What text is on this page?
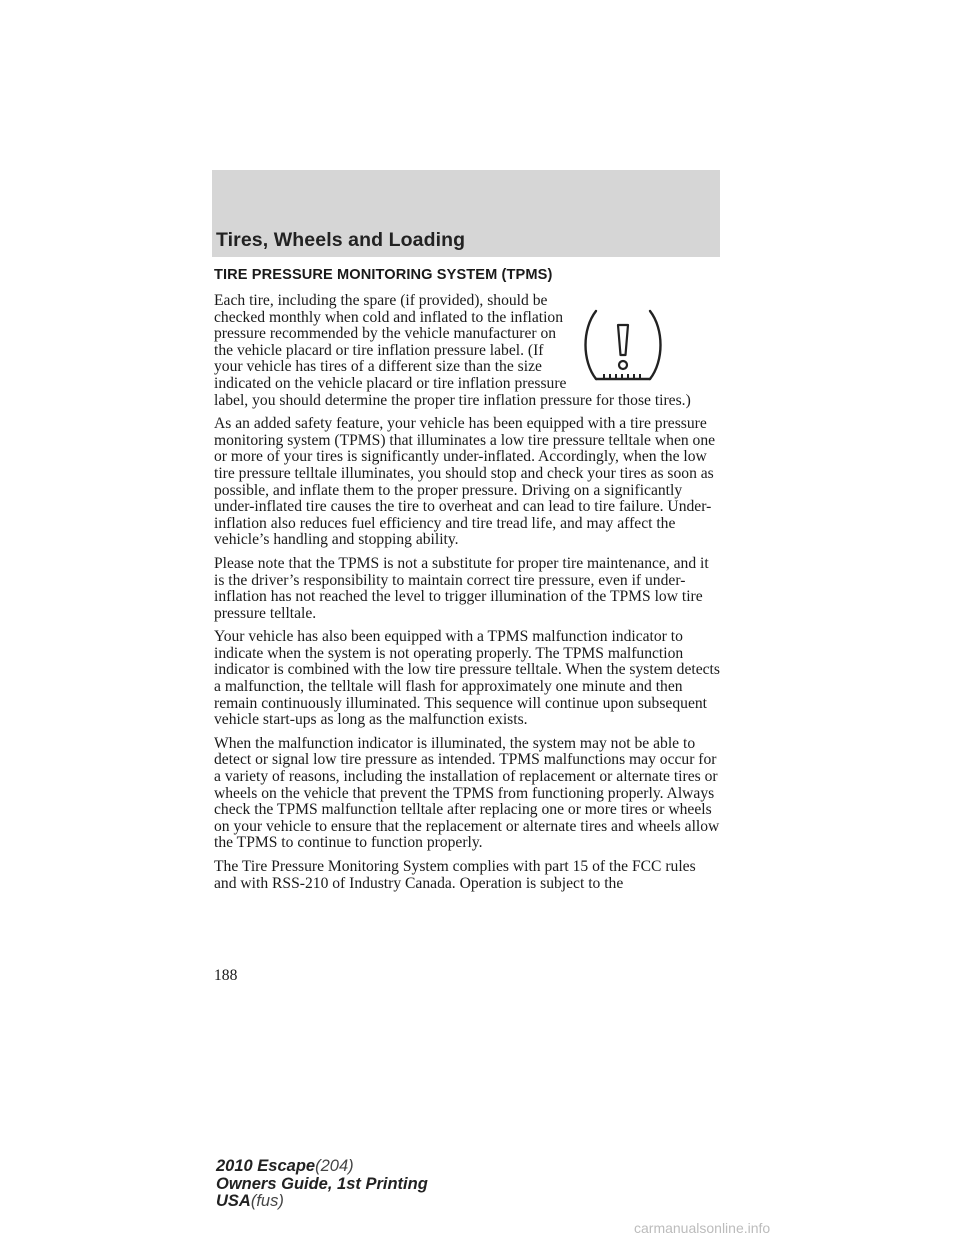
Tires, Wheels and Loading
TIRE PRESSURE MONITORING SYSTEM (TPMS)

Each tire, including the spare (if provided), should be checked monthly when cold and inflated to the inflation pressure recommended by the vehicle manufacturer on the vehicle placard or tire inflation pressure label. (If your vehicle has tires of a different size than the size indicated on the vehicle placard or tire inflation pressure label, you should determine the proper tire inflation pressure for those tires.)

As an added safety feature, your vehicle has been equipped with a tire pressure monitoring system (TPMS) that illuminates a low tire pressure telltale when one or more of your tires is significantly under-inflated. Accordingly, when the low tire pressure telltale illuminates, you should stop and check your tires as soon as possible, and inflate them to the proper pressure. Driving on a significantly under-inflated tire causes the tire to overheat and can lead to tire failure. Under-inflation also reduces fuel efficiency and tire tread life, and may affect the vehicle’s handling and stopping ability.

Please note that the TPMS is not a substitute for proper tire maintenance, and it is the driver’s responsibility to maintain correct tire pressure, even if under-inflation has not reached the level to trigger illumination of the TPMS low tire pressure telltale.

Your vehicle has also been equipped with a TPMS malfunction indicator to indicate when the system is not operating properly. The TPMS malfunction indicator is combined with the low tire pressure telltale. When the system detects a malfunction, the telltale will flash for approximately one minute and then remain continuously illuminated. This sequence will continue upon subsequent vehicle start-ups as long as the malfunction exists.

When the malfunction indicator is illuminated, the system may not be able to detect or signal low tire pressure as intended. TPMS malfunctions may occur for a variety of reasons, including the installation of replacement or alternate tires or wheels on the vehicle that prevent the TPMS from functioning properly. Always check the TPMS malfunction telltale after replacing one or more tires or wheels on your vehicle to ensure that the replacement or alternate tires and wheels allow the TPMS to continue to function properly.

The Tire Pressure Monitoring System complies with part 15 of the FCC rules and with RSS-210 of Industry Canada. Operation is subject to the

188
2010 Escape(204)
Owners Guide, 1st Printing
USA(fus)
carmanualsonline.info
